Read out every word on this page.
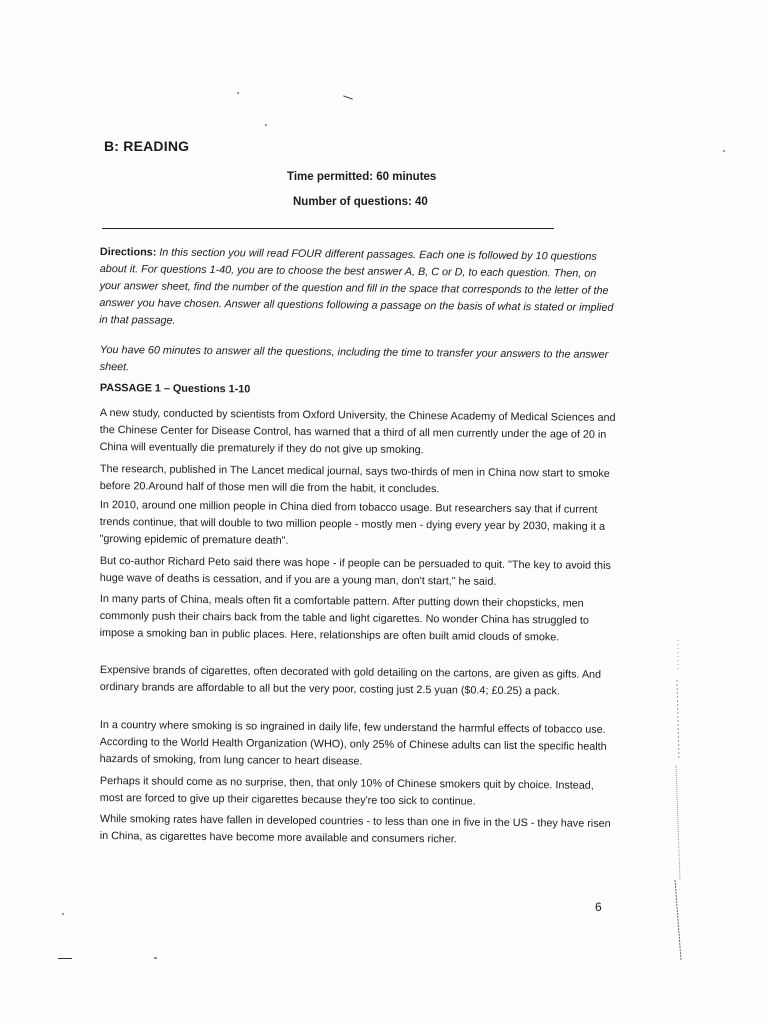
B: READING
Time permitted: 60 minutes
Number of questions: 40
Directions: In this section you will read FOUR different passages. Each one is followed by 10 questions about it. For questions 1-40, you are to choose the best answer A, B, C or D, to each question. Then, on your answer sheet, find the number of the question and fill in the space that corresponds to the letter of the answer you have chosen. Answer all questions following a passage on the basis of what is stated or implied in that passage.
You have 60 minutes to answer all the questions, including the time to transfer your answers to the answer sheet.
PASSAGE 1 – Questions 1-10
A new study, conducted by scientists from Oxford University, the Chinese Academy of Medical Sciences and the Chinese Center for Disease Control, has warned that a third of all men currently under the age of 20 in China will eventually die prematurely if they do not give up smoking.
The research, published in The Lancet medical journal, says two-thirds of men in China now start to smoke before 20.Around half of those men will die from the habit, it concludes.
In 2010, around one million people in China died from tobacco usage. But researchers say that if current trends continue, that will double to two million people - mostly men - dying every year by 2030, making it a "growing epidemic of premature death".
But co-author Richard Peto said there was hope - if people can be persuaded to quit. "The key to avoid this huge wave of deaths is cessation, and if you are a young man, don't start," he said.
In many parts of China, meals often fit a comfortable pattern. After putting down their chopsticks, men commonly push their chairs back from the table and light cigarettes. No wonder China has struggled to impose a smoking ban in public places. Here, relationships are often built amid clouds of smoke.
Expensive brands of cigarettes, often decorated with gold detailing on the cartons, are given as gifts. And ordinary brands are affordable to all but the very poor, costing just 2.5 yuan ($0.4; £0.25) a pack.
In a country where smoking is so ingrained in daily life, few understand the harmful effects of tobacco use. According to the World Health Organization (WHO), only 25% of Chinese adults can list the specific health hazards of smoking, from lung cancer to heart disease.
Perhaps it should come as no surprise, then, that only 10% of Chinese smokers quit by choice. Instead, most are forced to give up their cigarettes because they're too sick to continue.
While smoking rates have fallen in developed countries - to less than one in five in the US - they have risen in China, as cigarettes have become more available and consumers richer.
6
